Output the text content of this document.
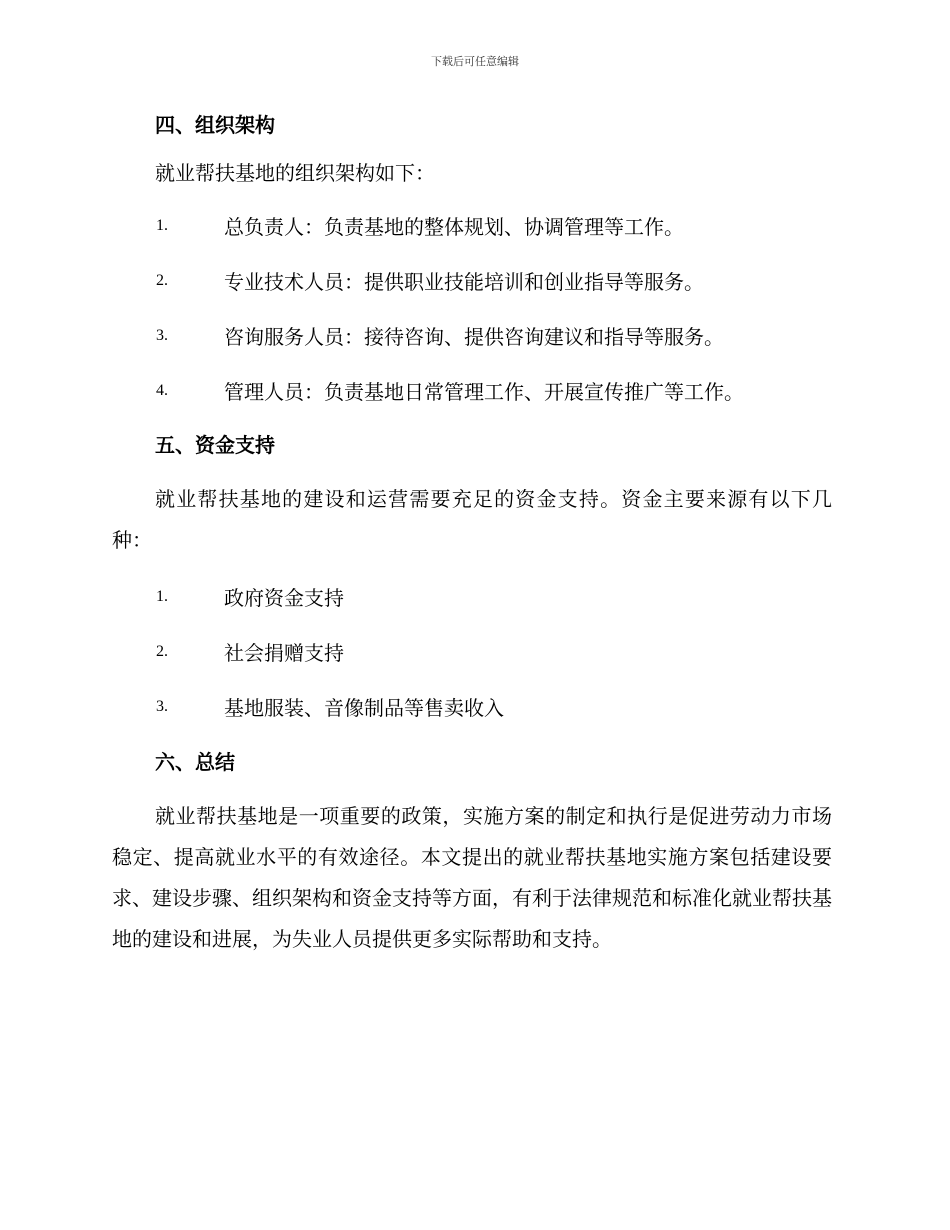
下载后可任意编辑
四、组织架构

就业帮扶基地的组织架构如下：

1.	总负责人：负责基地的整体规划、协调管理等工作。
2.	专业技术人员：提供职业技能培训和创业指导等服务。
3.	咨询服务人员：接待咨询、提供咨询建议和指导等服务。
4.	管理人员：负责基地日常管理工作、开展宣传推广等工作。
五、资金支持

就业帮扶基地的建设和运营需要充足的资金支持。资金主要来源有以下几种：

1.	政府资金支持
2.	社会捐赠支持
3.	基地服装、音像制品等售卖收入
六、总结

就业帮扶基地是一项重要的政策，实施方案的制定和执行是促进劳动力市场稳定、提高就业水平的有效途径。本文提出的就业帮扶基地实施方案包括建设要求、建设步骤、组织架构和资金支持等方面，有利于法律规范和标准化就业帮扶基地的建设和进展，为失业人员提供更多实际帮助和支持。
